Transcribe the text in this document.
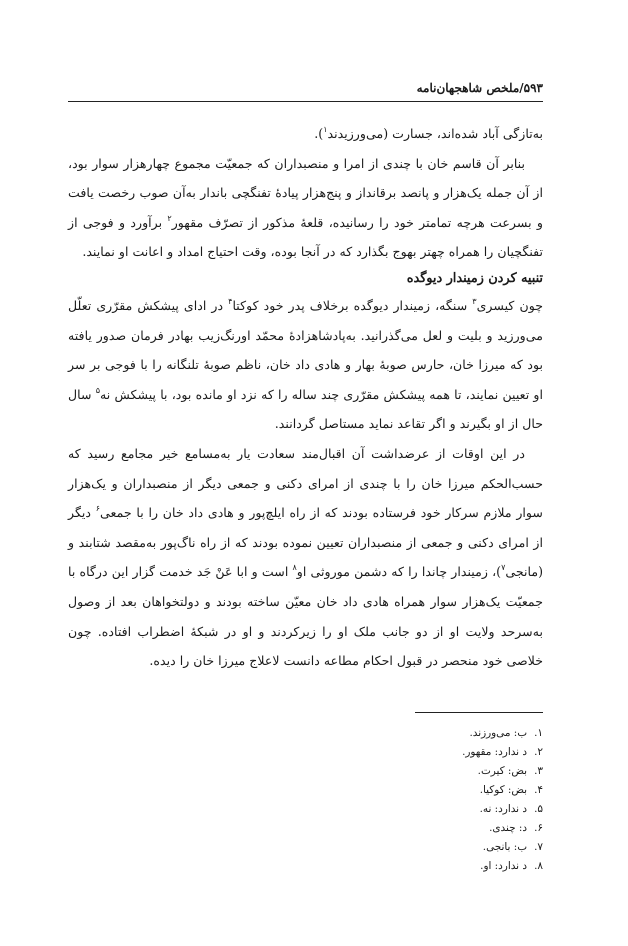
۵۹۳/ملخص شاهجهان‌نامه

به‌تازگی آباد شده‌اند، جسارت (می‌ورزیدند$^۱$).

بنابر آن قاسم خان با چندی از امرا و منصبداران که جمعیّت مجموع چهارهزار سوار بود، از آن جمله یک‌هزار و پانصد برقانداز و پنج‌هزار پیادهٔ تفنگچی باندار به‌آن صوب رخصت یافت و بسرعت هرچه تمامتر خود را رسانیده، قلعهٔ مذکور از تصرّف مقهور$^۲$ برآورد و فوجی از تفنگچیان را همراه چهتر بهوج بگذارد که در آنجا بوده، وقت احتیاج امداد و اعانت او نمایند.

تنبیه کردن زمیندار دیوگده

چون کیسری$^۳$ سنگه، زمیندار دیوگده برخلاف پدر خود کوکتا$^۴$ در ادای پیشکش مقرّری تعلّل می‌ورزید و بلیت و لعل می‌گذرانید. به‌پادشاهزادهٔ محمّد اورنگ‌زیب بهادر فرمان صدور یافته بود که میرزا خان، حارس صوبهٔ بهار و هادی داد خان، ناظم صوبهٔ تلنگانه را با فوجی بر سر او تعیین نمایند، تا همه پیشکش مقرّری چند ساله را که نزد او مانده بود، با پیشکش نه$^۵$ سال حال از او بگیرند و اگر تقاعد نماید مستاصل گردانند.

در این اوقات از عرضداشت آن اقبال‌مند سعادت یار به‌مسامع خیر مجامع رسید که حسب‌الحکم میرزا خان را با چندی از امرای دکنی و جمعی دیگر از منصبداران و یک‌هزار سوار ملازم سرکار خود فرستاده بودند که از راه ایلچ‌پور و هادی داد خان را با جمعی$^۶$ دیگر از امرای دکنی و جمعی از منصبداران تعیین نموده بودند که از راه ناگ‌پور به‌مقصد شتابند و (مانجی$^۷$)، زمیندار چاندا را که دشمن موروثی او$^۸$ است و ابا عَنْ جَد خدمت گزار این درگاه با جمعیّت یک‌هزار سوار همراه هادی داد خان معیّن ساخته بودند و دولتخواهان بعد از وصول به‌سرحد ولایت او از دو جانب ملک او را زیرکردند و او در شبکهٔ اضطراب افتاده. چون خلاصی خود منحصر در قبول احکام مطاعه دانست لاعلاج میرزا خان را دیده.

۱.
ب: می‌ورزند.
۲.
د ندارد: مقهور.
۳.
بض: کیرت.
۴.
بض: کوکیا.
۵.
د ندارد: نه.
۶.
د: چندی.
۷.
ب: بانجی.
۸.
د ندارد: او.
